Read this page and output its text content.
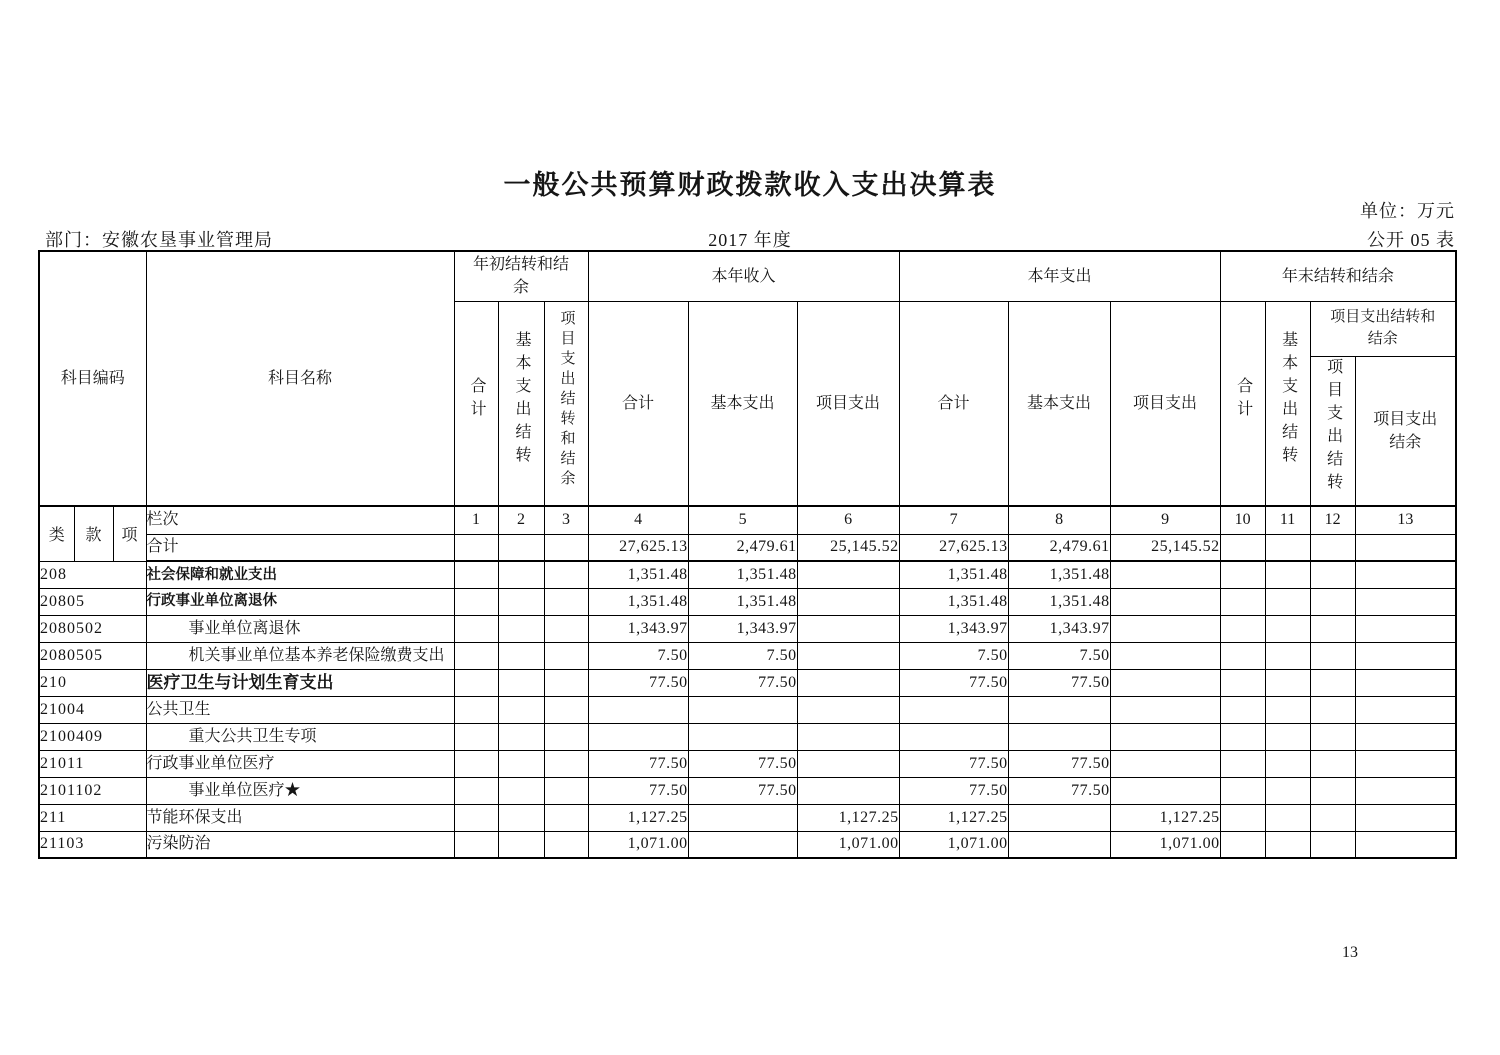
一般公共预算财政拨款收入支出决算表
单位：万元
部门：安徽农垦事业管理局	2017 年度	公开 05 表
科目编码			科目名称	年初结转和结余			本年收入			本年支出			年末结转和结余			
				合计	基本支出结转	项目支出结转和结余	合计	基本支出	项目支出	合计	基本支出	项目支出	合计	基本支出结转	项目支出结转和结余	
															项目支出结转	项目支出结余
类	款	项	栏次	1	2	3	4	5	6	7	8	9	10	11	12	13
			合计				27,625.13	2,479.61	25,145.52	27,625.13	2,479.61	25,145.52				
208			社会保障和就业支出				1,351.48	1,351.48		1,351.48	1,351.48					
20805			行政事业单位离退休				1,351.48	1,351.48		1,351.48	1,351.48					
2080502			事业单位离退休				1,343.97	1,343.97		1,343.97	1,343.97					
2080505			机关事业单位基本养老保险缴费支出				7.50	7.50		7.50	7.50					
210			医疗卫生与计划生育支出				77.50	77.50		77.50	77.50					
21004			公共卫生													
2100409			重大公共卫生专项													
21011			行政事业单位医疗				77.50	77.50		77.50	77.50					
2101102			事业单位医疗★				77.50	77.50		77.50	77.50					
211			节能环保支出				1,127.25		1,127.25	1,127.25		1,127.25				
21103			污染防治				1,071.00		1,071.00	1,071.00		1,071.00				
13
